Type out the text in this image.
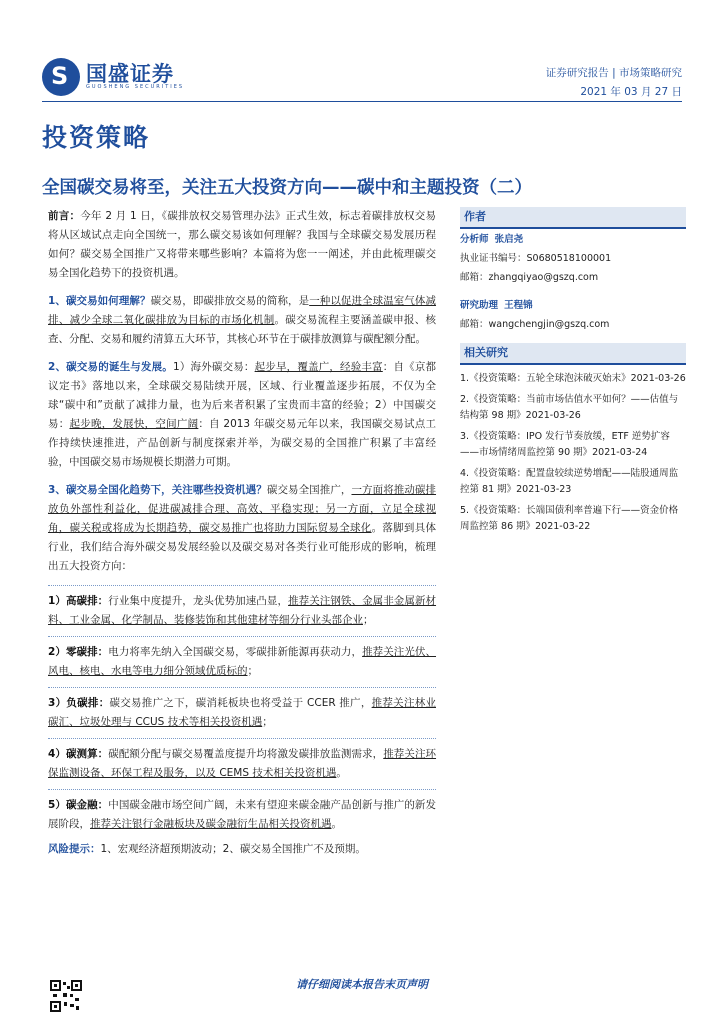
S 国盛证券
GUOSHENG SECURITIES
证券研究报告 | 市场策略研究
2021 年 03 月 27 日
投资策略
全国碳交易将至，关注五大投资方向——碳中和主题投资（二）

前言：今年 2 月 1 日，《碳排放权交易管理办法》正式生效，标志着碳排放权交易将从区域试点走向全国统一，那么碳交易该如何理解？我国与全球碳交易发展历程如何？碳交易全国推广又将带来哪些影响？本篇将为您一一阐述，并由此梳理碳交易全国化趋势下的投资机遇。

1、碳交易如何理解？碳交易，即碳排放交易的简称，是一种以促进全球温室气体减排、减少全球二氧化碳排放为目标的市场化机制。碳交易流程主要涵盖碳申报、核查、分配、交易和履约清算五大环节，其核心环节在于碳排放测算与碳配额分配。

2、碳交易的诞生与发展。1）海外碳交易：起步早，覆盖广，经验丰富：自《京都议定书》落地以来，全球碳交易陆续开展，区域、行业覆盖逐步拓展，不仅为全球“碳中和”贡献了减排力量，也为后来者积累了宝贵而丰富的经验；2）中国碳交易：起步晚，发展快，空间广阔：自 2013 年碳交易元年以来，我国碳交易试点工作持续快速推进，产品创新与制度探索并举，为碳交易的全国推广积累了丰富经验，中国碳交易市场规模长期潜力可期。

3、碳交易全国化趋势下，关注哪些投资机遇？碳交易全国推广，一方面将推动碳排放负外部性利益化，促进碳减排合理、高效、平稳实现；另一方面，立足全球视角，碳关税或将成为长期趋势，碳交易推广也将助力国际贸易全球化。落脚到具体行业，我们结合海外碳交易发展经验以及碳交易对各类行业可能形成的影响，梳理出五大投资方向：

1）高碳排：行业集中度提升，龙头优势加速凸显，推荐关注钢铁、金属非金属新材料、工业金属、化学制品、装修装饰和其他建材等细分行业头部企业；

2）零碳排：电力将率先纳入全国碳交易，零碳排新能源再获动力，推荐关注光伏、风电、核电、水电等电力细分领域优质标的；

3）负碳排：碳交易推广之下，碳消耗板块也将受益于 CCER 推广，推荐关注林业碳汇、垃圾处理与 CCUS 技术等相关投资机遇；

4）碳测算：碳配额分配与碳交易覆盖度提升均将激发碳排放监测需求，推荐关注环保监测设备、环保工程及服务，以及 CEMS 技术相关投资机遇。

5）碳金融：中国碳金融市场空间广阔，未来有望迎来碳金融产品创新与推广的新发展阶段，推荐关注银行金融板块及碳金融衍生品相关投资机遇。

风险提示：1、宏观经济超预期波动；2、碳交易全国推广不及预期。

作者
分析师 张启尧
执业证书编号：S0680518100001
邮箱：zhangqiyao@gszq.com
研究助理 王程锦
邮箱：wangchengjin@gszq.com
相关研究
1.《投资策略：五轮全球泡沫破灭始末》2021-03-26
2.《投资策略：当前市场估值水平如何？——估值与结构第 98 期》2021-03-26
3.《投资策略：IPO 发行节奏放缓，ETF 逆势扩容——市场情绪周监控第 90 期》2021-03-24
4.《投资策略：配置盘较续逆势增配——陆股通周监控第 81 期》2021-03-23
5.《投资策略：长端国债利率普遍下行——资金价格周监控第 86 期》2021-03-22
请仔细阅读本报告末页声明
